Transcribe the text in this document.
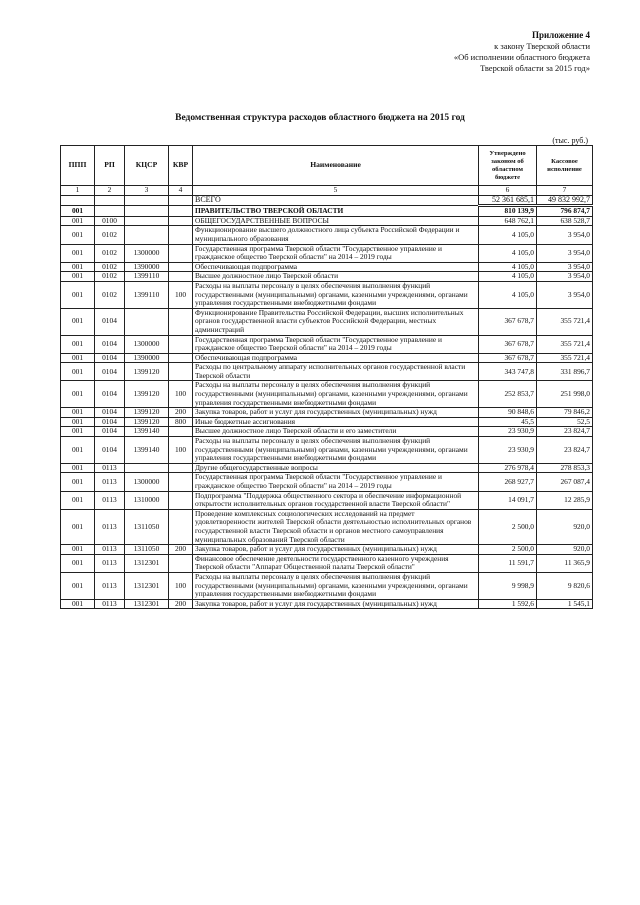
Приложение 4
к закону Тверской области
«Об исполнении областного бюджета
Тверской области за 2015 год»
Ведомственная структура расходов областного бюджета на 2015 год
(тыс. руб.)
ППП	РП	КЦСР	КВР	Наименование	Утверждено законом об областном бюджете	Кассовое исполнение
1	2	3	4	5	6	7
				ВСЕГО	52 361 685,1	49 832 992,7
001				ПРАВИТЕЛЬСТВО ТВЕРСКОЙ ОБЛАСТИ	810 139,9	796 874,7
001	0100			ОБЩЕГОСУДАРСТВЕННЫЕ ВОПРОСЫ	648 762,1	638 528,7
001	0102			Функционирование высшего должностного лица субъекта Российской Федерации и муниципального образования	4 105,0	3 954,0
001	0102	1300000		Государственная программа Тверской области "Государственное управление и гражданское общество Тверской области" на 2014 – 2019 годы	4 105,0	3 954,0
001	0102	1390000		Обеспечивающая подпрограмма	4 105,0	3 954,0
001	0102	1399110		Высшее должностное лицо Тверской области	4 105,0	3 954,0
001	0102	1399110	100	Расходы на выплаты персоналу в целях обеспечения выполнения функций государственными (муниципальными) органами, казенными учреждениями, органами управления государственными внебюджетными фондами	4 105,0	3 954,0
001	0104			Функционирование Правительства Российской Федерации, высших исполнительных органов государственной власти субъектов Российской Федерации, местных администраций	367 678,7	355 721,4
001	0104	1300000		Государственная программа Тверской области "Государственное управление и гражданское общество Тверской области" на 2014 – 2019 годы	367 678,7	355 721,4
001	0104	1390000		Обеспечивающая подпрограмма	367 678,7	355 721,4
001	0104	1399120		Расходы по центральному аппарату исполнительных органов государственной власти Тверской области	343 747,8	331 896,7
001	0104	1399120	100	Расходы на выплаты персоналу в целях обеспечения выполнения функций государственными (муниципальными) органами, казенными учреждениями, органами управления государственными внебюджетными фондами	252 853,7	251 998,0
001	0104	1399120	200	Закупка товаров, работ и услуг для государственных (муниципальных) нужд	90 848,6	79 846,2
001	0104	1399120	800	Иные бюджетные ассигнования	45,5	52,5
001	0104	1399140		Высшее должностное лицо Тверской области и его заместители	23 930,9	23 824,7
001	0104	1399140	100	Расходы на выплаты персоналу в целях обеспечения выполнения функций государственными (муниципальными) органами, казенными учреждениями, органами управления государственными внебюджетными фондами	23 930,9	23 824,7
001	0113			Другие общегосударственные вопросы	276 978,4	278 853,3
001	0113	1300000		Государственная программа Тверской области "Государственное управление и гражданское общество Тверской области" на 2014 – 2019 годы	268 927,7	267 087,4
001	0113	1310000		Подпрограмма "Поддержка общественного сектора и обеспечение информационной открытости исполнительных органов государственной власти Тверской области"	14 091,7	12 285,9
001	0113	1311050		Проведение комплексных социологических исследований на предмет удовлетворенности жителей Тверской области деятельностью исполнительных органов государственной власти Тверской области и органов местного самоуправления муниципальных образований Тверской области	2 500,0	920,0
001	0113	1311050	200	Закупка товаров, работ и услуг для государственных (муниципальных) нужд	2 500,0	920,0
001	0113	1312301		Финансовое обеспечение деятельности государственного казенного учреждения Тверской области "Аппарат Общественной палаты Тверской области"	11 591,7	11 365,9
001	0113	1312301	100	Расходы на выплаты персоналу в целях обеспечения выполнения функций государственными (муниципальными) органами, казенными учреждениями, органами управления государственными внебюджетными фондами	9 998,9	9 820,6
001	0113	1312301	200	Закупка товаров, работ и услуг для государственных (муниципальных) нужд	1 592,6	1 545,1
